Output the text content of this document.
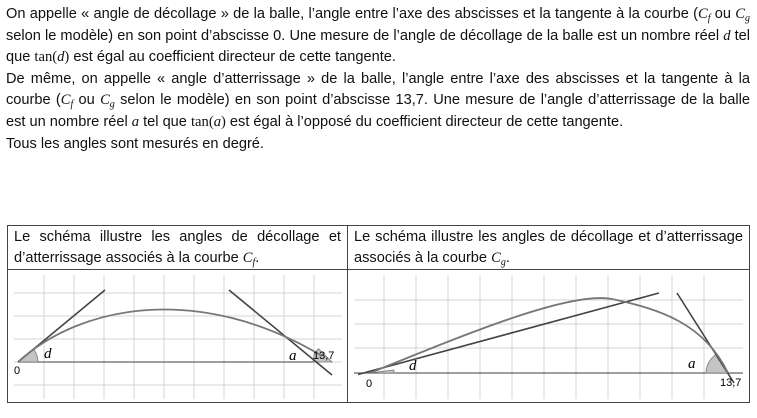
On appelle « angle de décollage » de la balle, l’angle entre l’axe des abscisses et la tangente à la courbe ($C_f$ ou $C_g$ selon le modèle) en son point d’abscisse 0. Une mesure de l’angle de décollage de la balle est un nombre réel d tel que tan(d) est égal au coefficient directeur de cette tangente.

De même, on appelle « angle d’atterrissage » de la balle, l’angle entre l’axe des abscisses et la tangente à la courbe ($C_f$ ou $C_g$ selon le modèle) en son point d’abscisse 13,7. Une mesure de l’angle d’atterrissage de la balle est un nombre réel a tel que tan(a) est égal à l’opposé du coefficient directeur de cette tangente.

Tous les angles sont mesurés en degré.

Le schéma illustre les angles de décollage et d’atterrissage associés à la courbe $C_f$.
d	a
0
13,7
Le schéma illustre les angles de décollage et d’atterrissage associés à la courbe $C_g$.
d	a
0	13,7
